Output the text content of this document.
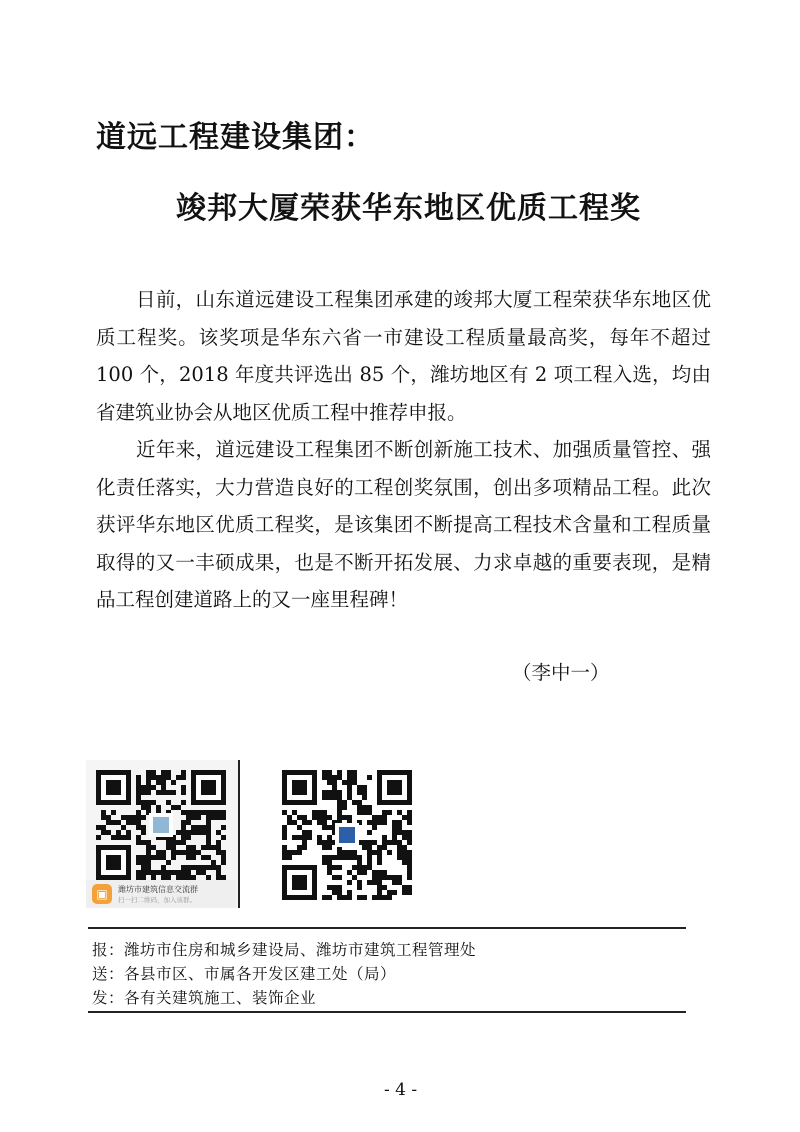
道远工程建设集团：
竣邦大厦荣获华东地区优质工程奖
日前，山东道远建设工程集团承建的竣邦大厦工程荣获华东地区优质工程奖。该奖项是华东六省一市建设工程质量最高奖，每年不超过 100 个，2018 年度共评选出 85 个，潍坊地区有 2 项工程入选，均由省建筑业协会从地区优质工程中推荐申报。
近年来，道远建设工程集团不断创新施工技术、加强质量管控、强化责任落实，大力营造良好的工程创奖氛围，创出多项精品工程。此次获评华东地区优质工程奖，是该集团不断提高工程技术含量和工程质量取得的又一丰硕成果，也是不断开拓发展、力求卓越的重要表现，是精品工程创建道路上的又一座里程碑！
（李中一）
▣	潍坊市建筑信息交流群
扫一扫二维码，加入该群。
报：潍坊市住房和城乡建设局、潍坊市建筑工程管理处
送：各县市区、市属各开发区建工处（局）
发：各有关建筑施工、装饰企业
- 4 -
